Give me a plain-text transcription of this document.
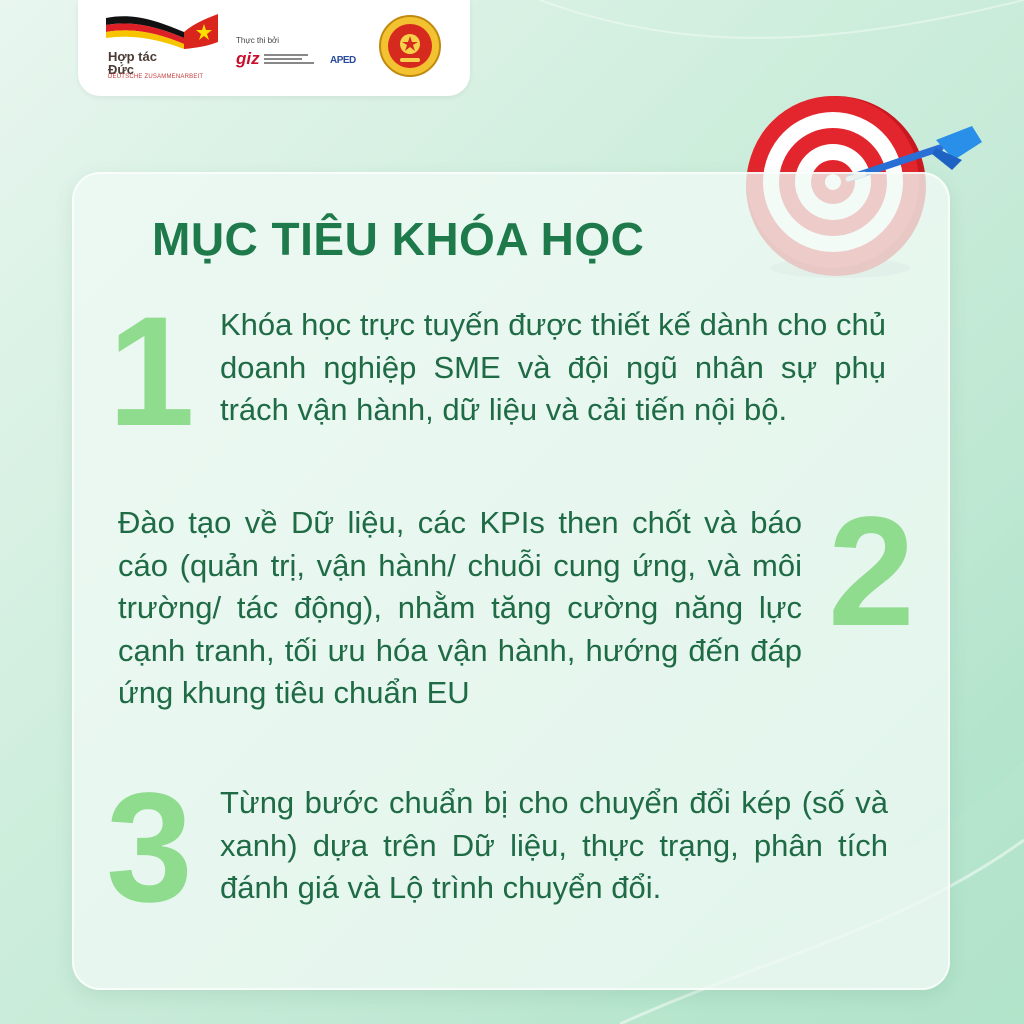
Hợp tác
Đức
DEUTSCHE ZUSAMMENARBEIT
Thực thi bởi
giz	APED
MỤC TIÊU KHÓA HỌC
1 Khóa học trực tuyến được thiết kế dành cho chủ doanh nghiệp SME và đội ngũ nhân sự phụ trách vận hành, dữ liệu và cải tiến nội bộ.

Đào tạo về Dữ liệu, các KPIs then chốt và báo cáo (quản trị, vận hành/ chuỗi cung ứng, và môi trường/ tác động), nhằm tăng cường năng lực cạnh tranh, tối ưu hóa vận hành, hướng đến đáp ứng khung tiêu chuẩn EU

2
3 Từng bước chuẩn bị cho chuyển đổi kép (số và xanh) dựa trên Dữ liệu, thực trạng, phân tích đánh giá và Lộ trình chuyển đổi.
